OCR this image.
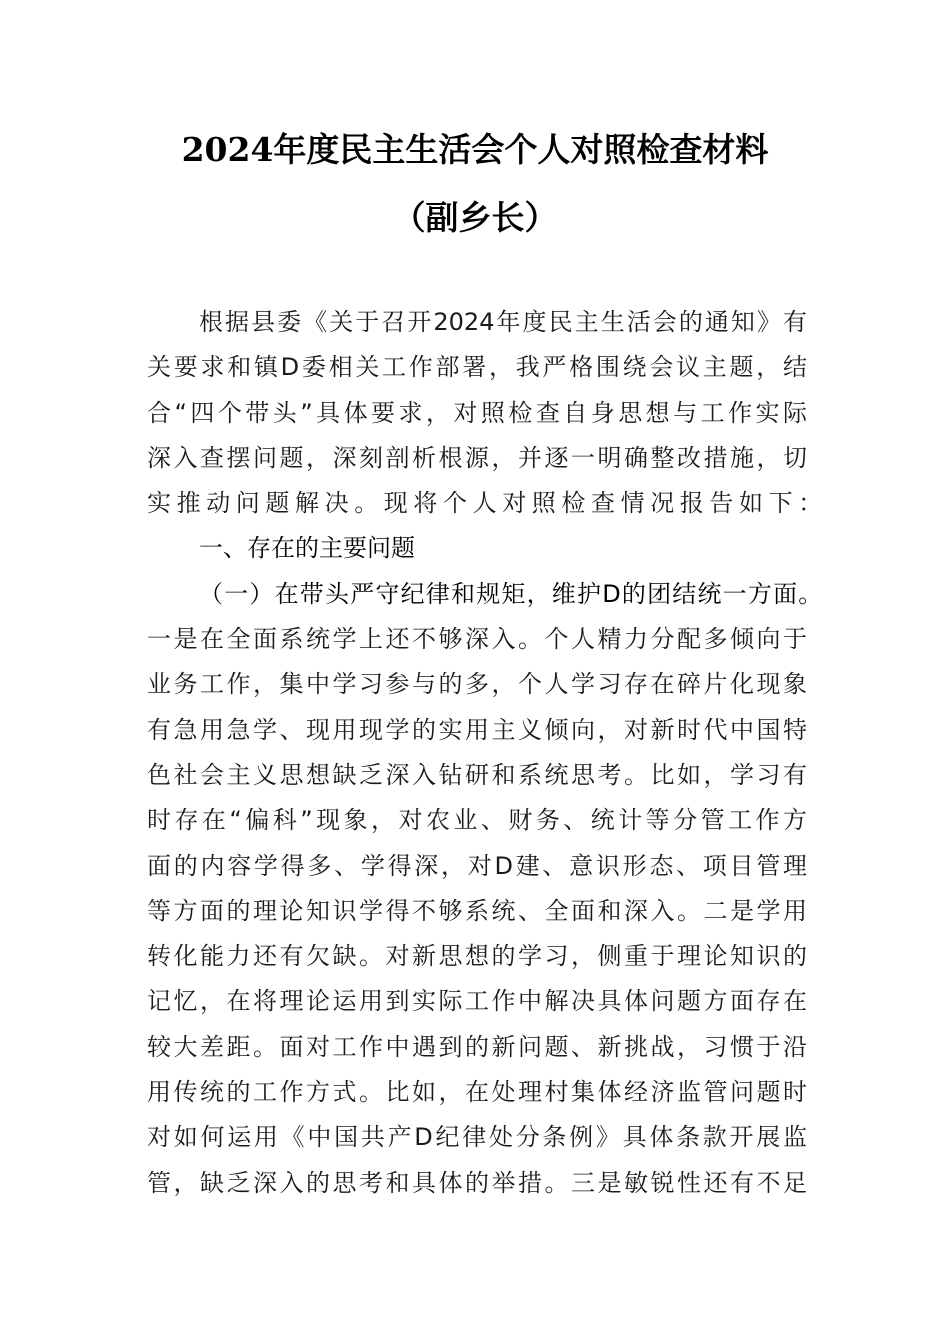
2024年度民主生活会个人对照检查材料
（副乡长）
根据县委《关于召开2024年度民主生活会的通知》有
关要求和镇D委相关工作部署，我严格围绕会议主题，结
合“四个带头”具体要求，对照检查自身思想与工作实际
深入查摆问题，深刻剖析根源，并逐一明确整改措施，切
实推动问题解决。现将个人对照检查情况报告如下：
一、存在的主要问题
（一）在带头严守纪律和规矩，维护D的团结统一方面。
一是在全面系统学上还不够深入。个人精力分配多倾向于
业务工作，集中学习参与的多，个人学习存在碎片化现象
有急用急学、现用现学的实用主义倾向，对新时代中国特
色社会主义思想缺乏深入钻研和系统思考。比如，学习有
时存在“偏科”现象，对农业、财务、统计等分管工作方
面的内容学得多、学得深，对D建、意识形态、项目管理
等方面的理论知识学得不够系统、全面和深入。二是学用
转化能力还有欠缺。对新思想的学习，侧重于理论知识的
记忆，在将理论运用到实际工作中解决具体问题方面存在
较大差距。面对工作中遇到的新问题、新挑战，习惯于沿
用传统的工作方式。比如，在处理村集体经济监管问题时
对如何运用《中国共产D纪律处分条例》具体条款开展监
管，缺乏深入的思考和具体的举措。三是敏锐性还有不足
